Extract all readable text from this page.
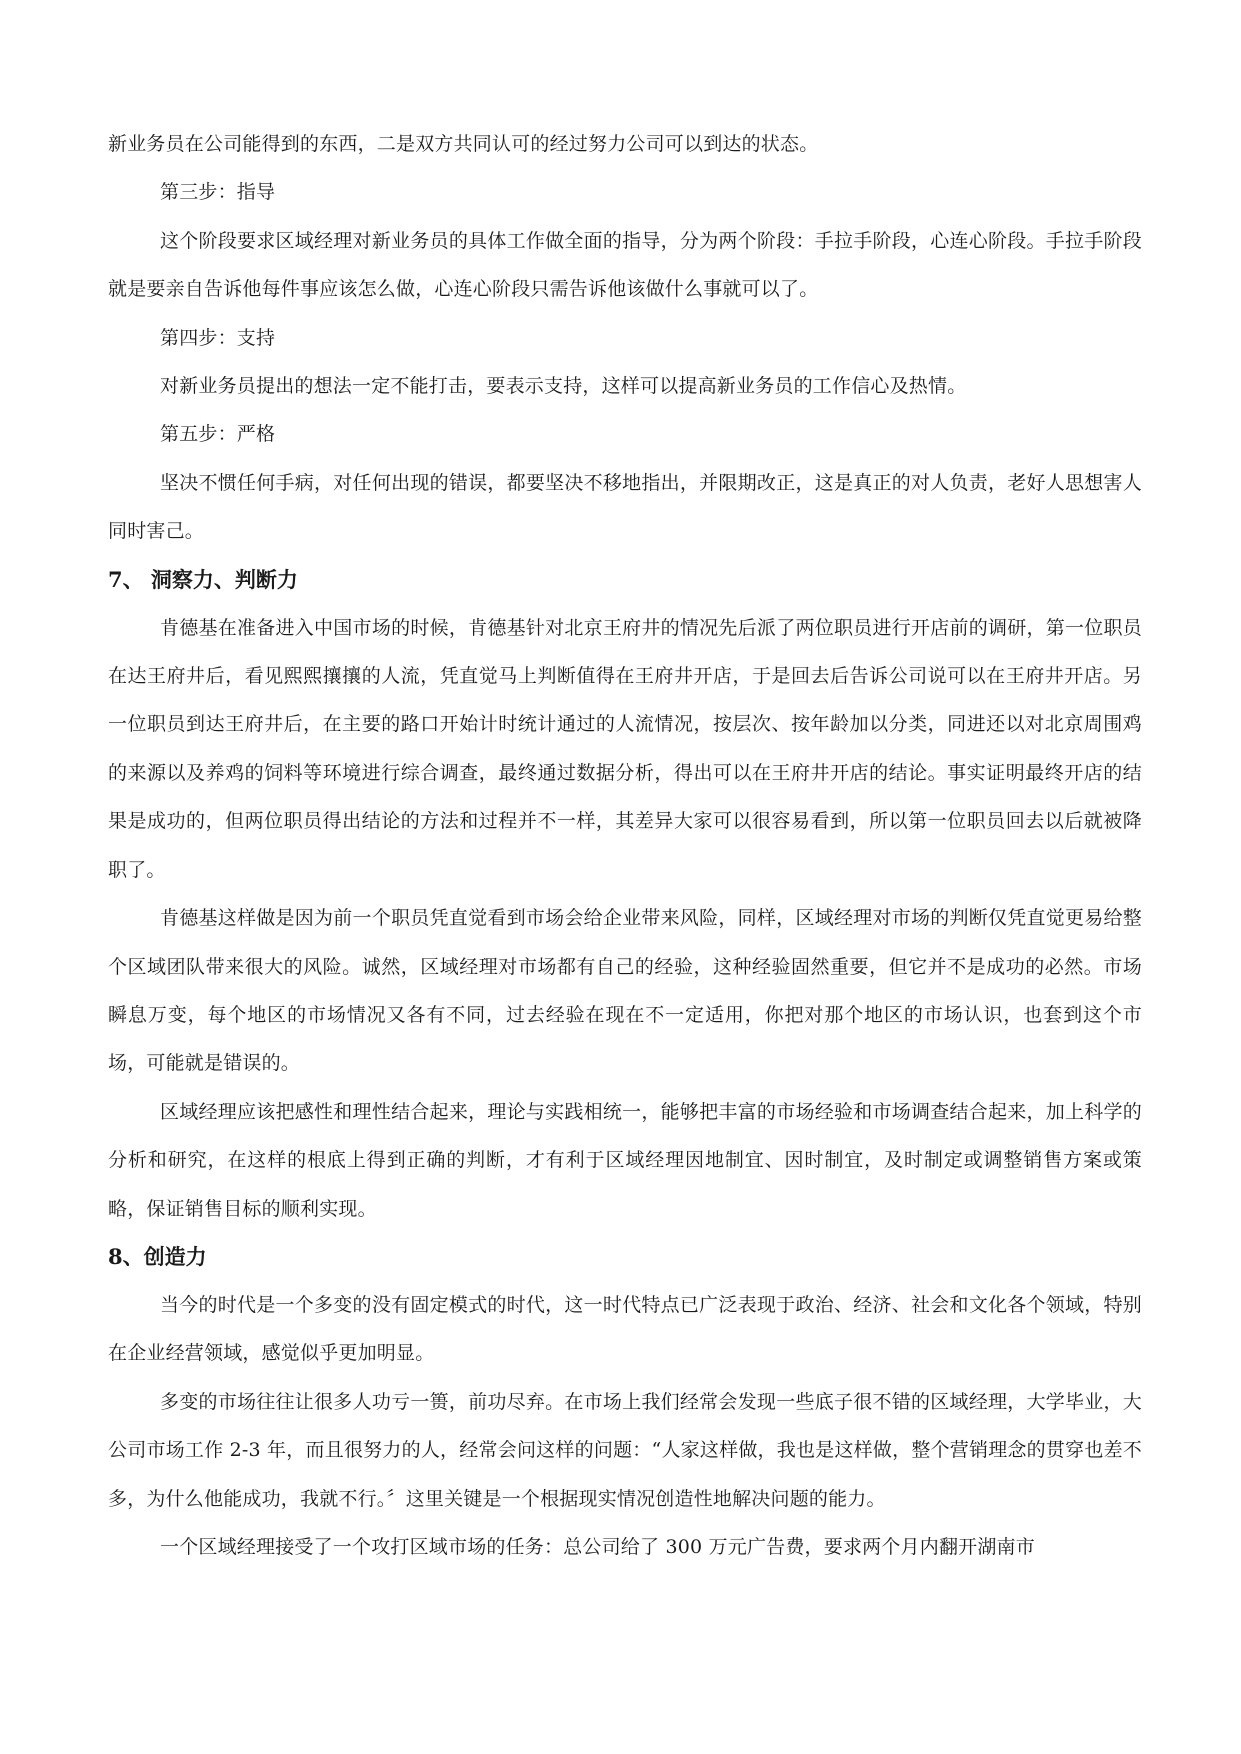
新业务员在公司能得到的东西，二是双方共同认可的经过努力公司可以到达的状态。

第三步：指导

这个阶段要求区域经理对新业务员的具体工作做全面的指导，分为两个阶段：手拉手阶段，心连心阶段。手拉手阶段就是要亲自告诉他每件事应该怎么做，心连心阶段只需告诉他该做什么事就可以了。

第四步：支持

对新业务员提出的想法一定不能打击，要表示支持，这样可以提高新业务员的工作信心及热情。

第五步：严格

坚决不惯任何手病，对任何出现的错误，都要坚决不移地指出，并限期改正，这是真正的对人负责，老好人思想害人同时害己。

7、 洞察力、判断力

肯德基在准备进入中国市场的时候，肯德基针对北京王府井的情况先后派了两位职员进行开店前的调研，第一位职员在达王府井后，看见熙熙攘攘的人流，凭直觉马上判断值得在王府井开店，于是回去后告诉公司说可以在王府井开店。另一位职员到达王府井后，在主要的路口开始计时统计通过的人流情况，按层次、按年龄加以分类，同进还以对北京周围鸡的来源以及养鸡的饲料等环境进行综合调查，最终通过数据分析，得出可以在王府井开店的结论。事实证明最终开店的结果是成功的，但两位职员得出结论的方法和过程并不一样，其差异大家可以很容易看到，所以第一位职员回去以后就被降职了。

肯德基这样做是因为前一个职员凭直觉看到市场会给企业带来风险，同样，区域经理对市场的判断仅凭直觉更易给整个区域团队带来很大的风险。诚然，区域经理对市场都有自己的经验，这种经验固然重要，但它并不是成功的必然。市场瞬息万变，每个地区的市场情况又各有不同，过去经验在现在不一定适用，你把对那个地区的市场认识，也套到这个市场，可能就是错误的。

区域经理应该把感性和理性结合起来，理论与实践相统一，能够把丰富的市场经验和市场调查结合起来，加上科学的分析和研究，在这样的根底上得到正确的判断，才有利于区域经理因地制宜、因时制宜，及时制定或调整销售方案或策略，保证销售目标的顺利实现。

8、创造力

当今的时代是一个多变的没有固定模式的时代，这一时代特点已广泛表现于政治、经济、社会和文化各个领域，特别在企业经营领域，感觉似乎更加明显。

多变的市场往往让很多人功亏一篑，前功尽弃。在市场上我们经常会发现一些底子很不错的区域经理，大学毕业，大公司市场工作 2-3 年，而且很努力的人，经常会问这样的问题：“人家这样做，我也是这样做，整个营销理念的贯穿也差不多，为什么他能成功，我就不行。〞这里关键是一个根据现实情况创造性地解决问题的能力。

一个区域经理接受了一个攻打区域市场的任务：总公司给了 300 万元广告费，要求两个月内翻开湖南市
